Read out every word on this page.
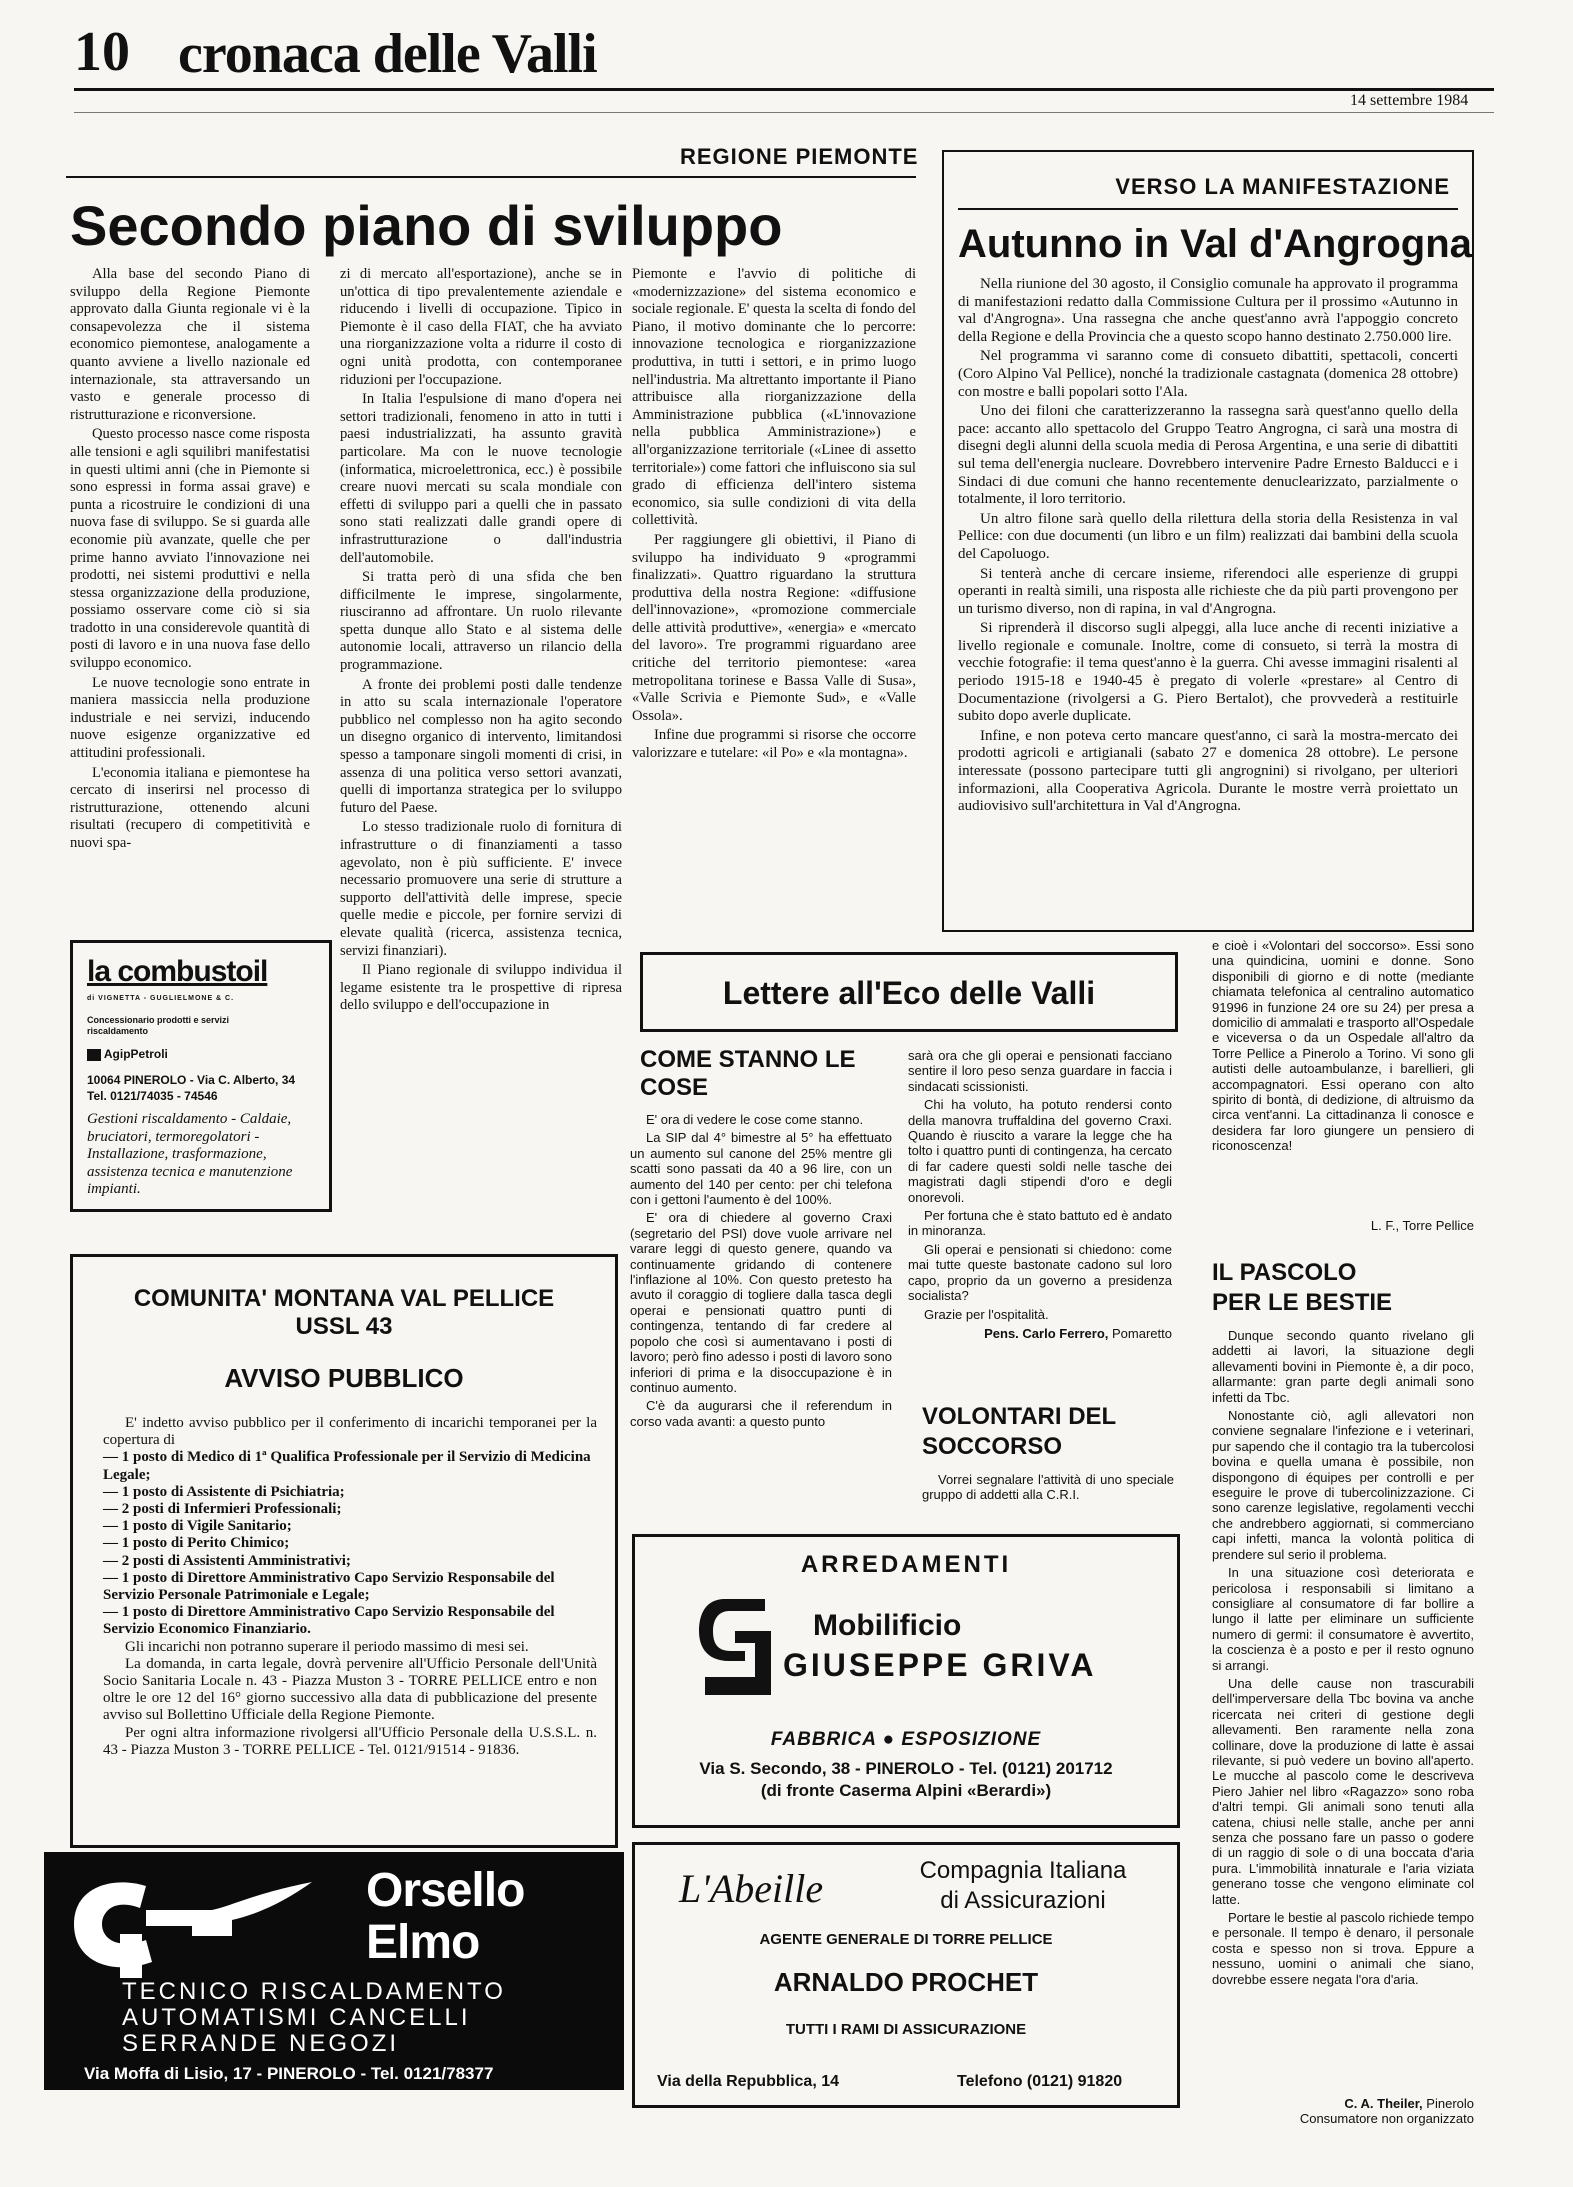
10 cronaca delle Valli
14 settembre 1984
REGIONE PIEMONTE
Secondo piano di sviluppo

Alla base del secondo Piano di sviluppo della Regione Piemonte approvato dalla Giunta regionale vi è la consapevolezza che il sistema economico piemontese, analogamente a quanto avviene a livello nazionale ed internazionale, sta attraversando un vasto e generale processo di ristrutturazione e riconversione.

Questo processo nasce come risposta alle tensioni e agli squilibri manifestatisi in questi ultimi anni (che in Piemonte si sono espressi in forma assai grave) e punta a ricostruire le condizioni di una nuova fase di sviluppo. Se si guarda alle economie più avanzate, quelle che per prime hanno avviato l'innovazione nei prodotti, nei sistemi produttivi e nella stessa organizzazione della produzione, possiamo osservare come ciò si sia tradotto in una considerevole quantità di posti di lavoro e in una nuova fase dello sviluppo economico.

Le nuove tecnologie sono entrate in maniera massiccia nella produzione industriale e nei servizi, inducendo nuove esigenze organizzative ed attitudini professionali.

L'economia italiana e piemontese ha cercato di inserirsi nel processo di ristrutturazione, ottenendo alcuni risultati (recupero di competitività e nuovi spa-

zi di mercato all'esportazione), anche se in un'ottica di tipo prevalentemente aziendale e riducendo i livelli di occupazione. Tipico in Piemonte è il caso della FIAT, che ha avviato una riorganizzazione volta a ridurre il costo di ogni unità prodotta, con contemporanee riduzioni per l'occupazione.

In Italia l'espulsione di mano d'opera nei settori tradizionali, fenomeno in atto in tutti i paesi industrializzati, ha assunto gravità particolare. Ma con le nuove tecnologie (informatica, microelettronica, ecc.) è possibile creare nuovi mercati su scala mondiale con effetti di sviluppo pari a quelli che in passato sono stati realizzati dalle grandi opere di infrastrutturazione o dall'industria dell'automobile.

Si tratta però di una sfida che ben difficilmente le imprese, singolarmente, riusciranno ad affrontare. Un ruolo rilevante spetta dunque allo Stato e al sistema delle autonomie locali, attraverso un rilancio della programmazione.

A fronte dei problemi posti dalle tendenze in atto su scala internazionale l'operatore pubblico nel complesso non ha agito secondo un disegno organico di intervento, limitandosi spesso a tamponare singoli momenti di crisi, in assenza di una politica verso settori avanzati, quelli di importanza strategica per lo sviluppo futuro del Paese.

Lo stesso tradizionale ruolo di fornitura di infrastrutture o di finanziamenti a tasso agevolato, non è più sufficiente. E' invece necessario promuovere una serie di strutture a supporto dell'attività delle imprese, specie quelle medie e piccole, per fornire servizi di elevate qualità (ricerca, assistenza tecnica, servizi finanziari).

Il Piano regionale di sviluppo individua il legame esistente tra le prospettive di ripresa dello sviluppo e dell'occupazione in

Piemonte e l'avvio di politiche di «modernizzazione» del sistema economico e sociale regionale. E' questa la scelta di fondo del Piano, il motivo dominante che lo percorre: innovazione tecnologica e riorganizzazione produttiva, in tutti i settori, e in primo luogo nell'industria. Ma altrettanto importante il Piano attribuisce alla riorganizzazione della Amministrazione pubblica («L'innovazione nella pubblica Amministrazione») e all'organizzazione territoriale («Linee di assetto territoriale») come fattori che influiscono sia sul grado di efficienza dell'intero sistema economico, sia sulle condizioni di vita della collettività.

Per raggiungere gli obiettivi, il Piano di sviluppo ha individuato 9 «programmi finalizzati». Quattro riguardano la struttura produttiva della nostra Regione: «diffusione dell'innovazione», «promozione commerciale delle attività produttive», «energia» e «mercato del lavoro». Tre programmi riguardano aree critiche del territorio piemontese: «area metropolitana torinese e Bassa Valle di Susa», «Valle Scrivia e Piemonte Sud», e «Valle Ossola».

Infine due programmi si risorse che occorre valorizzare e tutelare: «il Po» e «la montagna».

VERSO LA MANIFESTAZIONE
Autunno in Val d'Angrogna

Nella riunione del 30 agosto, il Consiglio comunale ha approvato il programma di manifestazioni redatto dalla Commissione Cultura per il prossimo «Autunno in val d'Angrogna». Una rassegna che anche quest'anno avrà l'appoggio concreto della Regione e della Provincia che a questo scopo hanno destinato 2.750.000 lire.

Nel programma vi saranno come di consueto dibattiti, spettacoli, concerti (Coro Alpino Val Pellice), nonché la tradizionale castagnata (domenica 28 ottobre) con mostre e balli popolari sotto l'Ala.

Uno dei filoni che caratterizzeranno la rassegna sarà quest'anno quello della pace: accanto allo spettacolo del Gruppo Teatro Angrogna, ci sarà una mostra di disegni degli alunni della scuola media di Perosa Argentina, e una serie di dibattiti sul tema dell'energia nucleare. Dovrebbero intervenire Padre Ernesto Balducci e i Sindaci di due comuni che hanno recentemente denuclearizzato, parzialmente o totalmente, il loro territorio.

Un altro filone sarà quello della rilettura della storia della Resistenza in val Pellice: con due documenti (un libro e un film) realizzati dai bambini della scuola del Capoluogo.

Si tenterà anche di cercare insieme, riferendoci alle esperienze di gruppi operanti in realtà simili, una risposta alle richieste che da più parti provengono per un turismo diverso, non di rapina, in val d'Angrogna.

Si riprenderà il discorso sugli alpeggi, alla luce anche di recenti iniziative a livello regionale e comunale. Inoltre, come di consueto, si terrà la mostra di vecchie fotografie: il tema quest'anno è la guerra. Chi avesse immagini risalenti al periodo 1915-18 e 1940-45 è pregato di volerle «prestare» al Centro di Documentazione (rivolgersi a G. Piero Bertalot), che provvederà a restituirle subito dopo averle duplicate.

Infine, e non poteva certo mancare quest'anno, ci sarà la mostra-mercato dei prodotti agricoli e artigianali (sabato 27 e domenica 28 ottobre). Le persone interessate (possono partecipare tutti gli angrognini) si rivolgano, per ulteriori informazioni, alla Cooperativa Agricola. Durante le mostre verrà proiettato un audiovisivo sull'architettura in Val d'Angrogna.

la combustoil
di VIGNETTA - GUGLIELMONE & C.
Concessionario prodotti e servizi riscaldamento
AgipPetroli
10064 PINEROLO - Via C. Alberto, 34
Tel. 0121/74035 - 74546
Gestioni riscaldamento - Caldaie, bruciatori, termoregolatori - Installazione, trasformazione, assistenza tecnica e manutenzione impianti.
Lettere all'Eco delle Valli
COME STANNO LE COSE

E' ora di vedere le cose come stanno.

La SIP dal 4° bimestre al 5° ha effettuato un aumento sul canone del 25% mentre gli scatti sono passati da 40 a 96 lire, con un aumento del 140 per cento: per chi telefona con i gettoni l'aumento è del 100%.

E' ora di chiedere al governo Craxi (segretario del PSI) dove vuole arrivare nel varare leggi di questo genere, quando va continuamente gridando di contenere l'inflazione al 10%. Con questo pretesto ha avuto il coraggio di togliere dalla tasca degli operai e pensionati quattro punti di contingenza, tentando di far credere al popolo che così si aumentavano i posti di lavoro; però fino adesso i posti di lavoro sono inferiori di prima e la disoccupazione è in continuo aumento.

C'è da augurarsi che il referendum in corso vada avanti: a questo punto

sarà ora che gli operai e pensionati facciano sentire il loro peso senza guardare in faccia i sindacati scissionisti.

Chi ha voluto, ha potuto rendersi conto della manovra truffaldina del governo Craxi. Quando è riuscito a varare la legge che ha tolto i quattro punti di contingenza, ha cercato di far cadere questi soldi nelle tasche dei magistrati dagli stipendi d'oro e degli onorevoli.

Per fortuna che è stato battuto ed è andato in minoranza.

Gli operai e pensionati si chiedono: come mai tutte queste bastonate cadono sul loro capo, proprio da un governo a presidenza socialista?

Grazie per l'ospitalità.

Pens. Carlo Ferrero, Pomaretto
VOLONTARI DEL SOCCORSO

Vorrei segnalare l'attività di uno speciale gruppo di addetti alla C.R.I.

e cioè i «Volontari del soccorso». Essi sono una quindicina, uomini e donne. Sono disponibili di giorno e di notte (mediante chiamata telefonica al centralino automatico 91996 in funzione 24 ore su 24) per presa a domicilio di ammalati e trasporto all'Ospedale e viceversa o da un Ospedale all'altro da Torre Pellice a Pinerolo a Torino. Vi sono gli autisti delle autoambulanze, i barellieri, gli accompagnatori. Essi operano con alto spirito di bontà, di dedizione, di altruismo da circa vent'anni. La cittadinanza li conosce e desidera far loro giungere un pensiero di riconoscenza!

L. F., Torre Pellice
IL PASCOLO PER LE BESTIE

Dunque secondo quanto rivelano gli addetti ai lavori, la situazione degli allevamenti bovini in Piemonte è, a dir poco, allarmante: gran parte degli animali sono infetti da Tbc.

Nonostante ciò, agli allevatori non conviene segnalare l'infezione e i veterinari, pur sapendo che il contagio tra la tubercolosi bovina e quella umana è possibile, non dispongono di équipes per controlli e per eseguire le prove di tubercolinizzazione. Ci sono carenze legislative, regolamenti vecchi che andrebbero aggiornati, si commerciano capi infetti, manca la volontà politica di prendere sul serio il problema.

In una situazione così deteriorata e pericolosa i responsabili si limitano a consigliare al consumatore di far bollire a lungo il latte per eliminare un sufficiente numero di germi: il consumatore è avvertito, la coscienza è a posto e per il resto ognuno si arrangi.

Una delle cause non trascurabili dell'imperversare della Tbc bovina va anche ricercata nei criteri di gestione degli allevamenti. Ben raramente nella zona collinare, dove la produzione di latte è assai rilevante, si può vedere un bovino all'aperto. Le mucche al pascolo come le descriveva Piero Jahier nel libro «Ragazzo» sono roba d'altri tempi. Gli animali sono tenuti alla catena, chiusi nelle stalle, anche per anni senza che possano fare un passo o godere di un raggio di sole o di una boccata d'aria pura. L'immobilità innaturale e l'aria viziata generano tosse che vengono eliminate col latte.

Portare le bestie al pascolo richiede tempo e personale. Il tempo è denaro, il personale costa e spesso non si trova. Eppure a nessuno, uomini o animali che siano, dovrebbe essere negata l'ora d'aria.

C. A. Theiler, Pinerolo
Consumatore non organizzato
COMUNITA' MONTANA VAL PELLICE
USSL 43
AVVISO PUBBLICO
E' indetto avviso pubblico per il conferimento di incarichi temporanei per la copertura di
— 1 posto di Medico di 1ª Qualifica Professionale per il Servizio di Medicina Legale;
— 1 posto di Assistente di Psichiatria;
— 2 posti di Infermieri Professionali;
— 1 posto di Vigile Sanitario;
— 1 posto di Perito Chimico;
— 2 posti di Assistenti Amministrativi;
— 1 posto di Direttore Amministrativo Capo Servizio Responsabile del Servizio Personale Patrimoniale e Legale;
— 1 posto di Direttore Amministrativo Capo Servizio Responsabile del Servizio Economico Finanziario.
Gli incarichi non potranno superare il periodo massimo di mesi sei.
La domanda, in carta legale, dovrà pervenire all'Ufficio Personale dell'Unità Socio Sanitaria Locale n. 43 - Piazza Muston 3 - TORRE PELLICE entro e non oltre le ore 12 del 16° giorno successivo alla data di pubblicazione del presente avviso sul Bollettino Ufficiale della Regione Piemonte.
Per ogni altra informazione rivolgersi all'Ufficio Personale della U.S.S.L. n. 43 - Piazza Muston 3 - TORRE PELLICE - Tel. 0121/91514 - 91836.
Orsello
Elmo
TECNICO RISCALDAMENTO
AUTOMATISMI CANCELLI
SERRANDE NEGOZI
Via Moffa di Lisio, 17 - PINEROLO - Tel. 0121/78377
ARREDAMENTI
Mobilificio
GIUSEPPE GRIVA
FABBRICA ● ESPOSIZIONE
Via S. Secondo, 38 - PINEROLO - Tel. (0121) 201712
(di fronte Caserma Alpini «Berardi»)
L'Abeille	Compagnia Italiana
di Assicurazioni
AGENTE GENERALE DI TORRE PELLICE
ARNALDO PROCHET
TUTTI I RAMI DI ASSICURAZIONE
Via della Repubblica, 14	Telefono (0121) 91820
